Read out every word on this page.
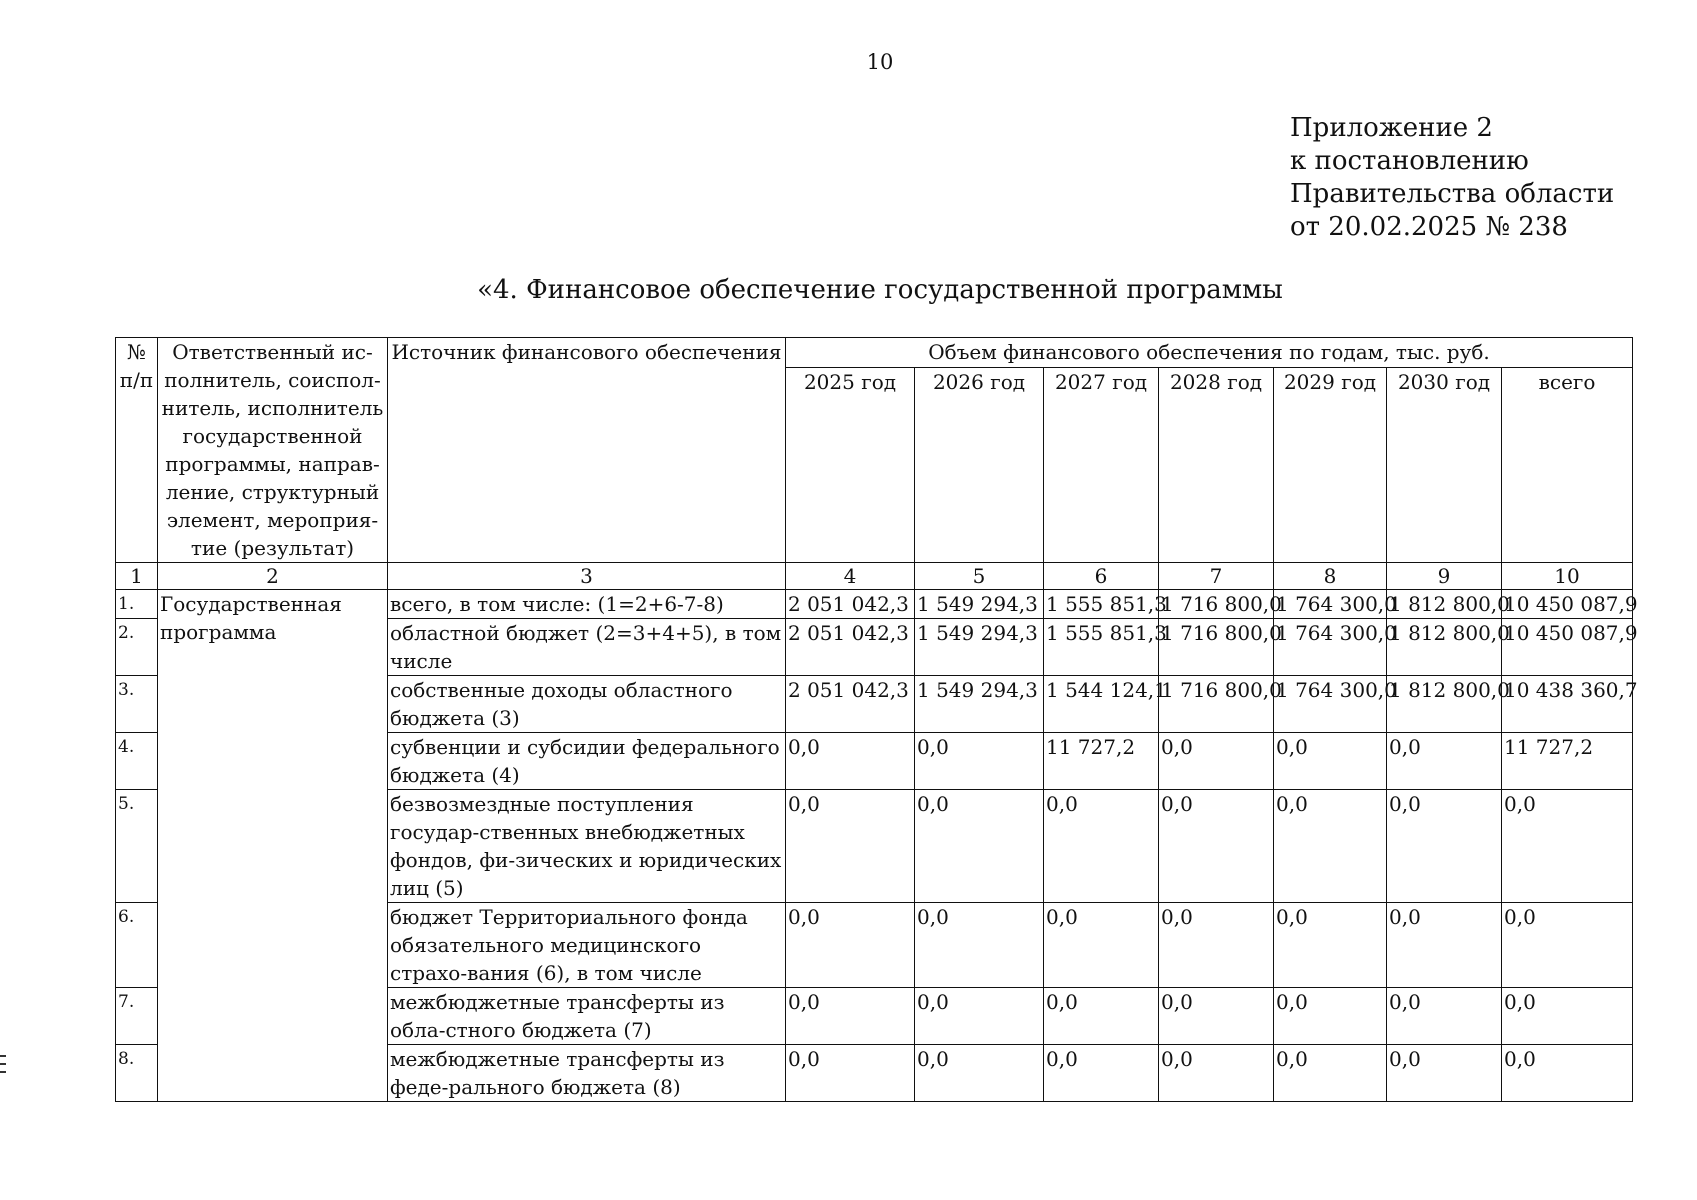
10
Приложение 2
к постановлению
Правительства области
от 20.02.2025 № 238
«4. Финансовое обеспечение государственной программы
№ п/п	Ответственный ис-полнитель, соиспол-нитель, исполнитель государственной программы, направ-ление, структурный элемент, мероприя-тие (результат)	Источник финансового обеспечения	Объем финансового обеспечения по годам, тыс. руб.						
			2025 год	2026 год	2027 год	2028 год	2029 год	2030 год	всего
1	2	3	4	5	6	7	8	9	10
1.	Государственная программа	всего, в том числе: (1=2+6-7-8)	2 051 042,3	1 549 294,3	1 555 851,3	1 716 800,0	1 764 300,0	1 812 800,0	10 450 087,9
2.		областной бюджет (2=3+4+5), в том числе	2 051 042,3	1 549 294,3	1 555 851,3	1 716 800,0	1 764 300,0	1 812 800,0	10 450 087,9
3.		собственные доходы областного бюджета (3)	2 051 042,3	1 549 294,3	1 544 124,1	1 716 800,0	1 764 300,0	1 812 800,0	10 438 360,7
4.		субвенции и субсидии федерального бюджета (4)	0,0	0,0	11 727,2	0,0	0,0	0,0	11 727,2
5.		безвозмездные поступления государ-ственных внебюджетных фондов, фи-зических и юридических лиц (5)	0,0	0,0	0,0	0,0	0,0	0,0	0,0
6.		бюджет Территориального фонда обязательного медицинского страхо-вания (6), в том числе	0,0	0,0	0,0	0,0	0,0	0,0	0,0
7.		межбюджетные трансферты из обла-стного бюджета (7)	0,0	0,0	0,0	0,0	0,0	0,0	0,0
8.		межбюджетные трансферты из феде-рального бюджета (8)	0,0	0,0	0,0	0,0	0,0	0,0	0,0
